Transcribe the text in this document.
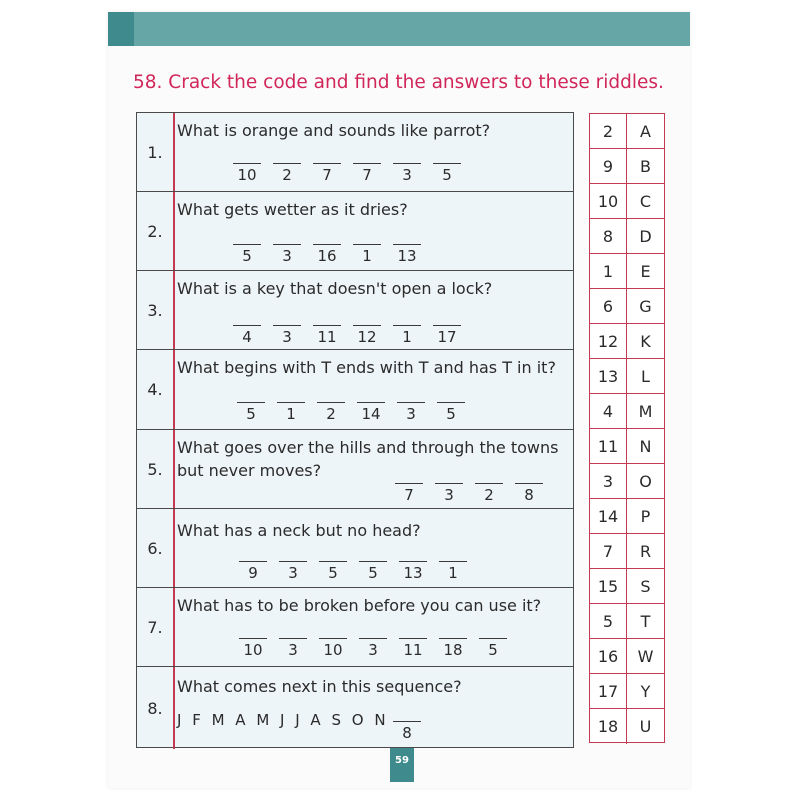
58. Crack the code and find the answers to these riddles.
1.
What is orange and sounds like parrot?
10	2	7	7	3	5
2.
What gets wetter as it dries?
5	3	16	1	13
3.
What is a key that doesn't open a lock?
4	3	11	12	1	17
4.
What begins with T ends with T and has T in it?
5	1	2	14	3	5
5.
What goes over the hills and through the towns but never moves?
7	3	2	8
6.
What has a neck but no head?
9	3	5	5	13	1
7.
What has to be broken before you can use it?
10	3	10	3	11	18	5
8.
What comes next in this sequence?
J F M A M J J A S O N
8
2	A
9	B
10	C
8	D
1	E
6	G
12	K
13	L
4	M
11	N
3	O
14	P
7	R
15	S
5	T
16	W
17	Y
18	U
59
